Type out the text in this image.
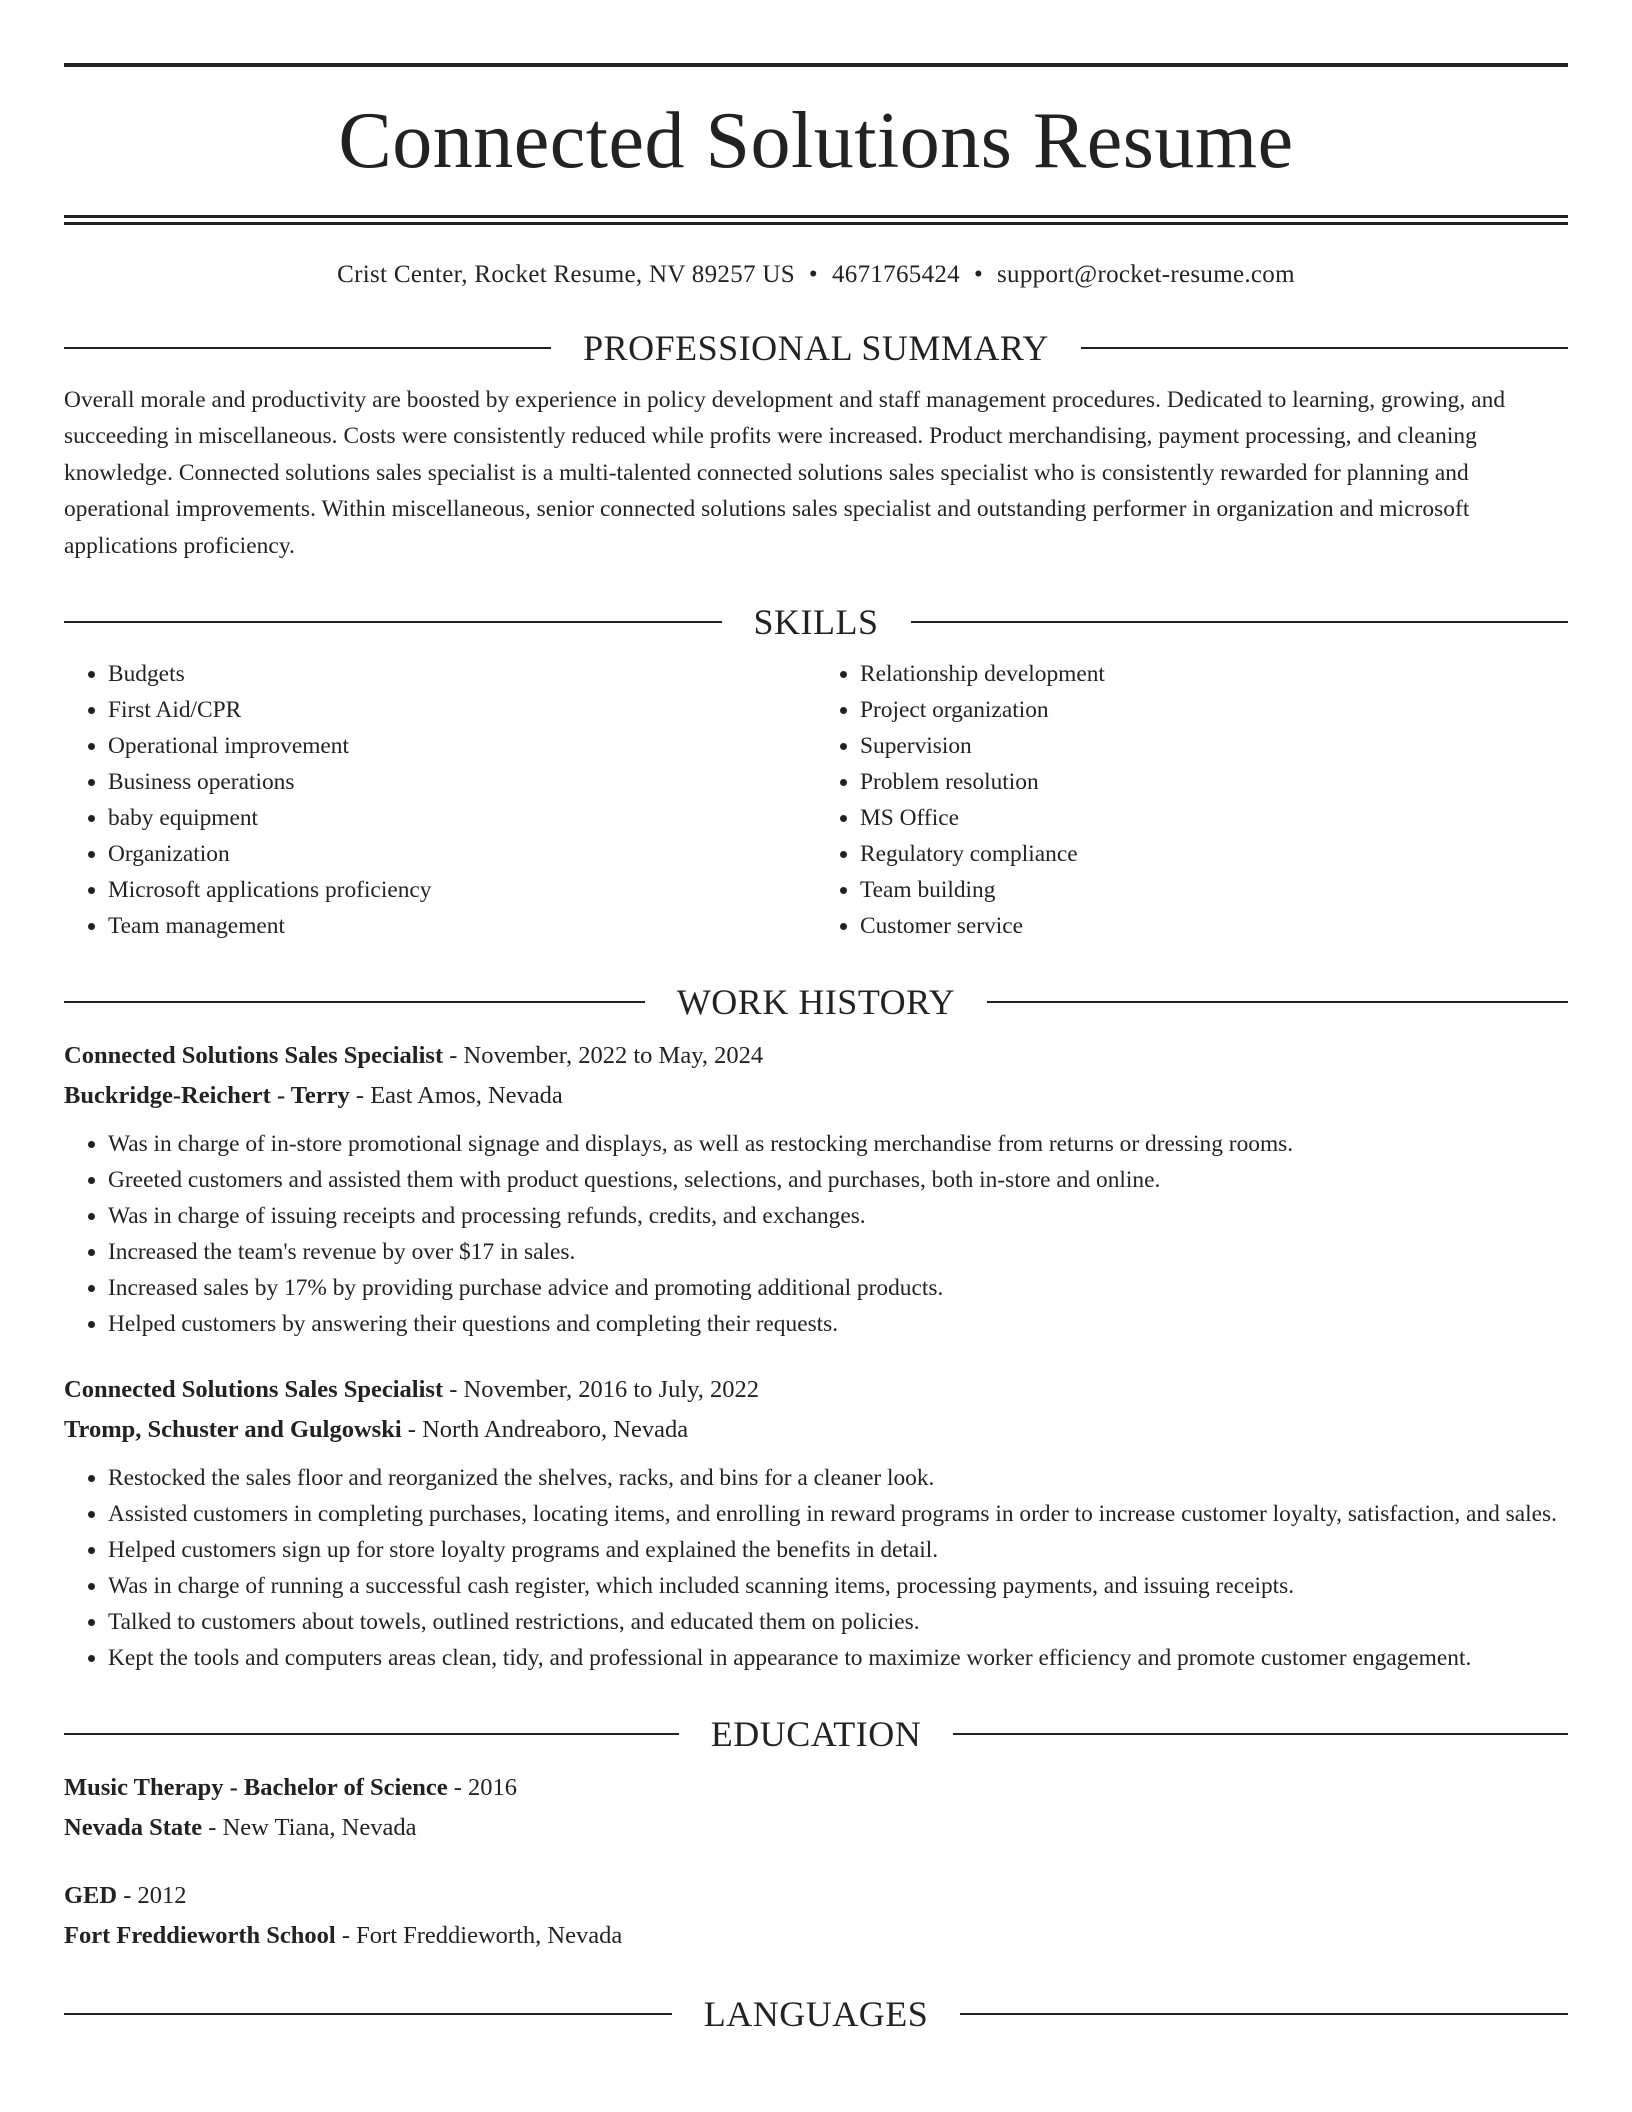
Connected Solutions Resume
Crist Center, Rocket Resume, NV 89257 US • 4671765424 • support@rocket-resume.com
PROFESSIONAL SUMMARY
Overall morale and productivity are boosted by experience in policy development and staff management procedures. Dedicated to learning, growing, and succeeding in miscellaneous. Costs were consistently reduced while profits were increased. Product merchandising, payment processing, and cleaning knowledge. Connected solutions sales specialist is a multi-talented connected solutions sales specialist who is consistently rewarded for planning and operational improvements. Within miscellaneous, senior connected solutions sales specialist and outstanding performer in organization and microsoft applications proficiency.
SKILLS
• Budgets
• First Aid/CPR
• Operational improvement
• Business operations
• baby equipment
• Organization
• Microsoft applications proficiency
• Team management
• Relationship development
• Project organization
• Supervision
• Problem resolution
• MS Office
• Regulatory compliance
• Team building
• Customer service
WORK HISTORY
Connected Solutions Sales Specialist - November, 2022 to May, 2024
Buckridge-Reichert - Terry - East Amos, Nevada
• Was in charge of in-store promotional signage and displays, as well as restocking merchandise from returns or dressing rooms.
• Greeted customers and assisted them with product questions, selections, and purchases, both in-store and online.
• Was in charge of issuing receipts and processing refunds, credits, and exchanges.
• Increased the team's revenue by over $17 in sales.
• Increased sales by 17% by providing purchase advice and promoting additional products.
• Helped customers by answering their questions and completing their requests.
Connected Solutions Sales Specialist - November, 2016 to July, 2022
Tromp, Schuster and Gulgowski - North Andreaboro, Nevada
• Restocked the sales floor and reorganized the shelves, racks, and bins for a cleaner look.
• Assisted customers in completing purchases, locating items, and enrolling in reward programs in order to increase customer loyalty, satisfaction, and sales.
• Helped customers sign up for store loyalty programs and explained the benefits in detail.
• Was in charge of running a successful cash register, which included scanning items, processing payments, and issuing receipts.
• Talked to customers about towels, outlined restrictions, and educated them on policies.
• Kept the tools and computers areas clean, tidy, and professional in appearance to maximize worker efficiency and promote customer engagement.
EDUCATION
Music Therapy - Bachelor of Science - 2016
Nevada State - New Tiana, Nevada
GED - 2012
Fort Freddieworth School - Fort Freddieworth, Nevada
LANGUAGES
